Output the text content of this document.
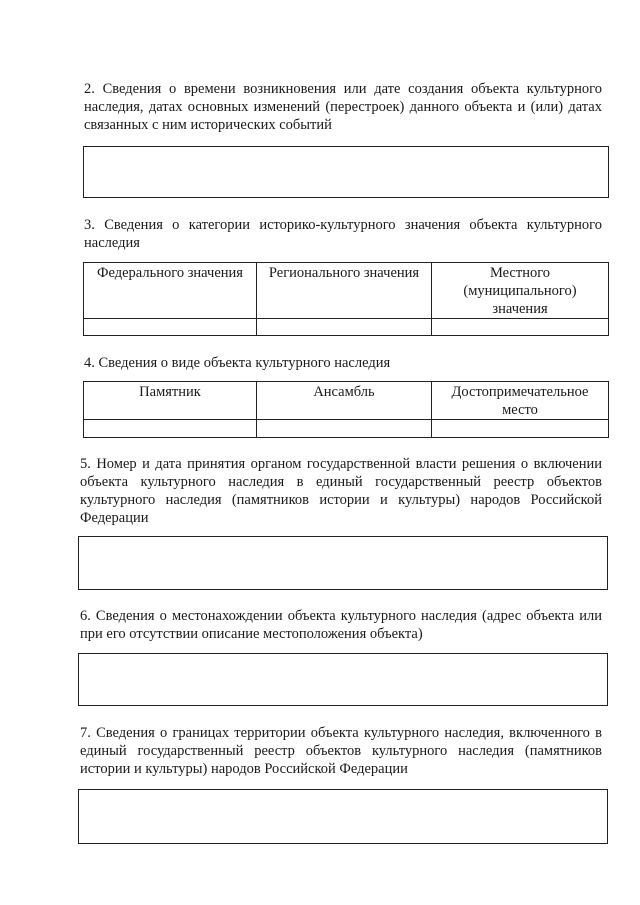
2. Сведения о времени возникновения или дате создания объекта культурного наследия, датах основных изменений (перестроек) данного объекта и (или) датах связанных с ним исторических событий
3. Сведения о категории историко-культурного значения объекта культурного наследия
Федерального значения	Регионального значения	Местного (муниципального) значения

4. Сведения о виде объекта культурного наследия
Памятник	Ансамбль	Достопримечательное место

5. Номер и дата принятия органом государственной власти решения о включении объекта культурного наследия в единый государственный реестр объектов культурного наследия (памятников истории и культуры) народов Российской Федерации
6. Сведения о местонахождении объекта культурного наследия (адрес объекта или при его отсутствии описание местоположения объекта)
7. Сведения о границах территории объекта культурного наследия, включенного в единый государственный реестр объектов культурного наследия (памятников истории и культуры) народов Российской Федерации
